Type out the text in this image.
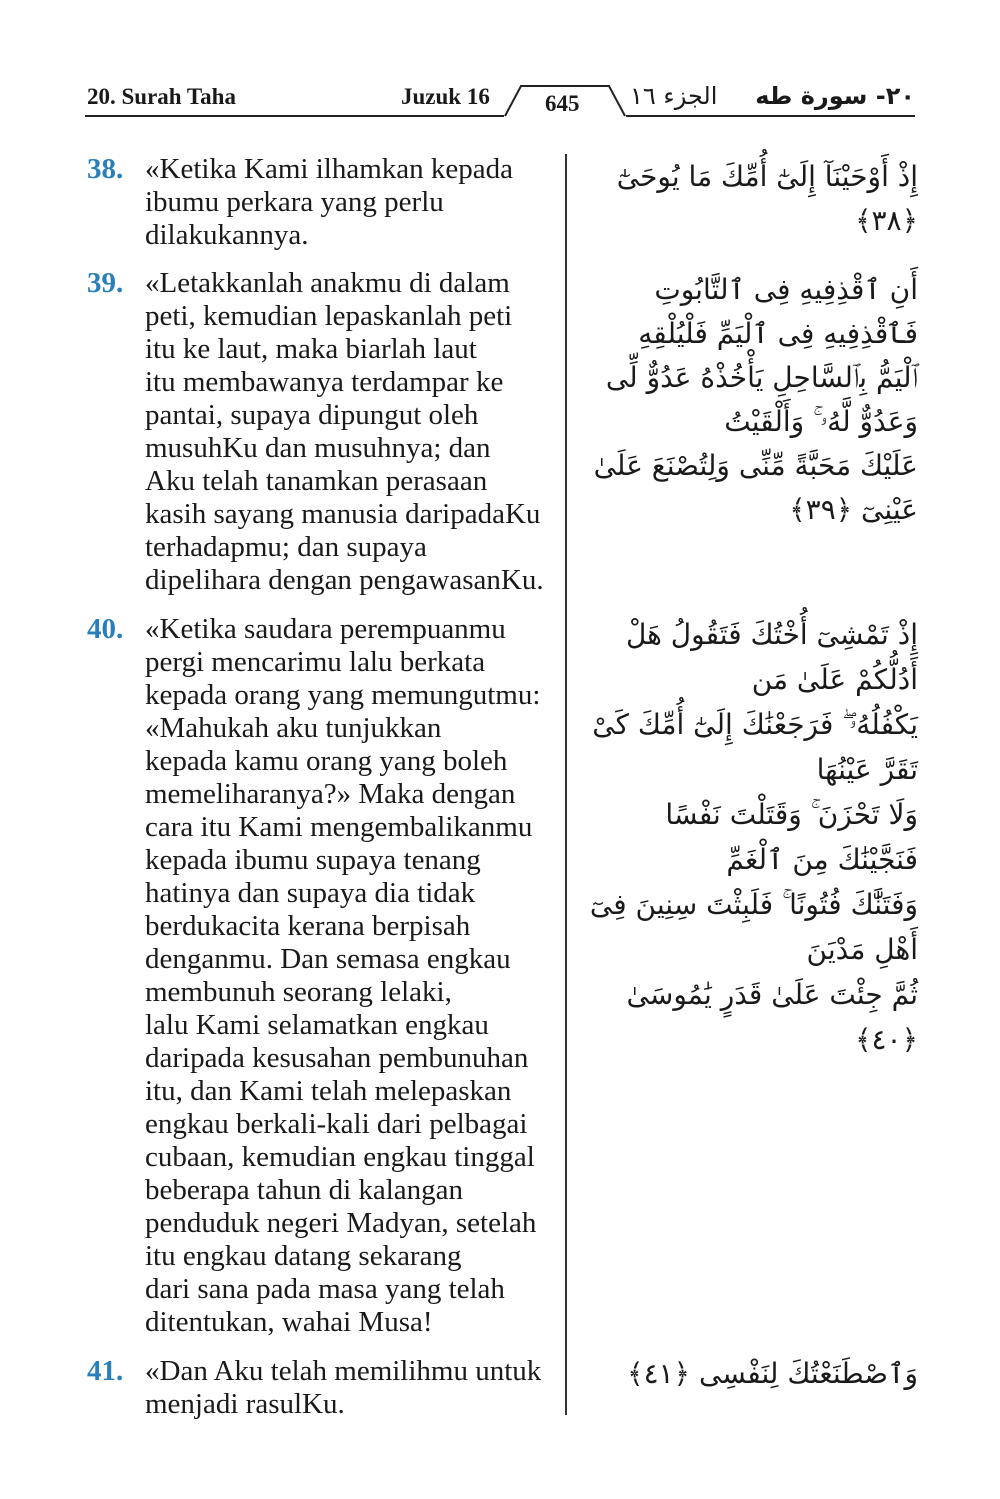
20. Surah Taha	Juzuk 16 645 الجزء ١٦ ٢٠- سورة طه
38. «Ketika Kami ilhamkan kepada
ibumu perkara yang perlu
dilakukannya.
إِذْ أَوْحَيْنَآ إِلَىٰٓ أُمِّكَ مَا يُوحَىٰٓ ﴿٣٨﴾
39. «Letakkanlah anakmu di dalam
peti, kemudian lepaskanlah peti
itu ke laut, maka biarlah laut
itu membawanya terdampar ke
pantai, supaya dipungut oleh
musuhKu dan musuhnya; dan
Aku telah tanamkan perasaan
kasih sayang manusia daripadaKu
terhadapmu; dan supaya
dipelihara dengan pengawasanKu.
أَنِ ٱقْذِفِيهِ فِى ٱلتَّابُوتِ فَٱقْذِفِيهِ فِى ٱلْيَمِّ فَلْيُلْقِهِ
ٱلْيَمُّ بِٱلسَّاحِلِ يَأْخُذْهُ عَدُوٌّ لِّى وَعَدُوٌّ لَّهُۥ ۚ وَأَلْقَيْتُ
عَلَيْكَ مَحَبَّةً مِّنِّى وَلِتُصْنَعَ عَلَىٰ عَيْنِىٓ ﴿٣٩﴾
40. «Ketika saudara perempuanmu
pergi mencarimu lalu berkata
kepada orang yang memungutmu:
«Mahukah aku tunjukkan
kepada kamu orang yang boleh
memeliharanya?» Maka dengan
cara itu Kami mengembalikanmu
kepada ibumu supaya tenang
hatinya dan supaya dia tidak
berdukacita kerana berpisah
denganmu. Dan semasa engkau
membunuh seorang lelaki,
lalu Kami selamatkan engkau
daripada kesusahan pembunuhan
itu, dan Kami telah melepaskan
engkau berkali-kali dari pelbagai
cubaan, kemudian engkau tinggal
beberapa tahun di kalangan
penduduk negeri Madyan, setelah
itu engkau datang sekarang
dari sana pada masa yang telah
ditentukan, wahai Musa!
إِذْ تَمْشِىٓ أُخْتُكَ فَتَقُولُ هَلْ أَدُلُّكُمْ عَلَىٰ مَن
يَكْفُلُهُۥ ۖ فَرَجَعْنَٰكَ إِلَىٰٓ أُمِّكَ كَىْ تَقَرَّ عَيْنُهَا
وَلَا تَحْزَنَ ۚ وَقَتَلْتَ نَفْسًا فَنَجَّيْنَٰكَ مِنَ ٱلْغَمِّ
وَفَتَنَّٰكَ فُتُونًا ۚ فَلَبِثْتَ سِنِينَ فِىٓ أَهْلِ مَدْيَنَ
ثُمَّ جِئْتَ عَلَىٰ قَدَرٍ يَٰمُوسَىٰ ﴿٤٠﴾
41. «Dan Aku telah memilihmu untuk
menjadi rasulKu.
وَٱصْطَنَعْتُكَ لِنَفْسِى ﴿٤١﴾
